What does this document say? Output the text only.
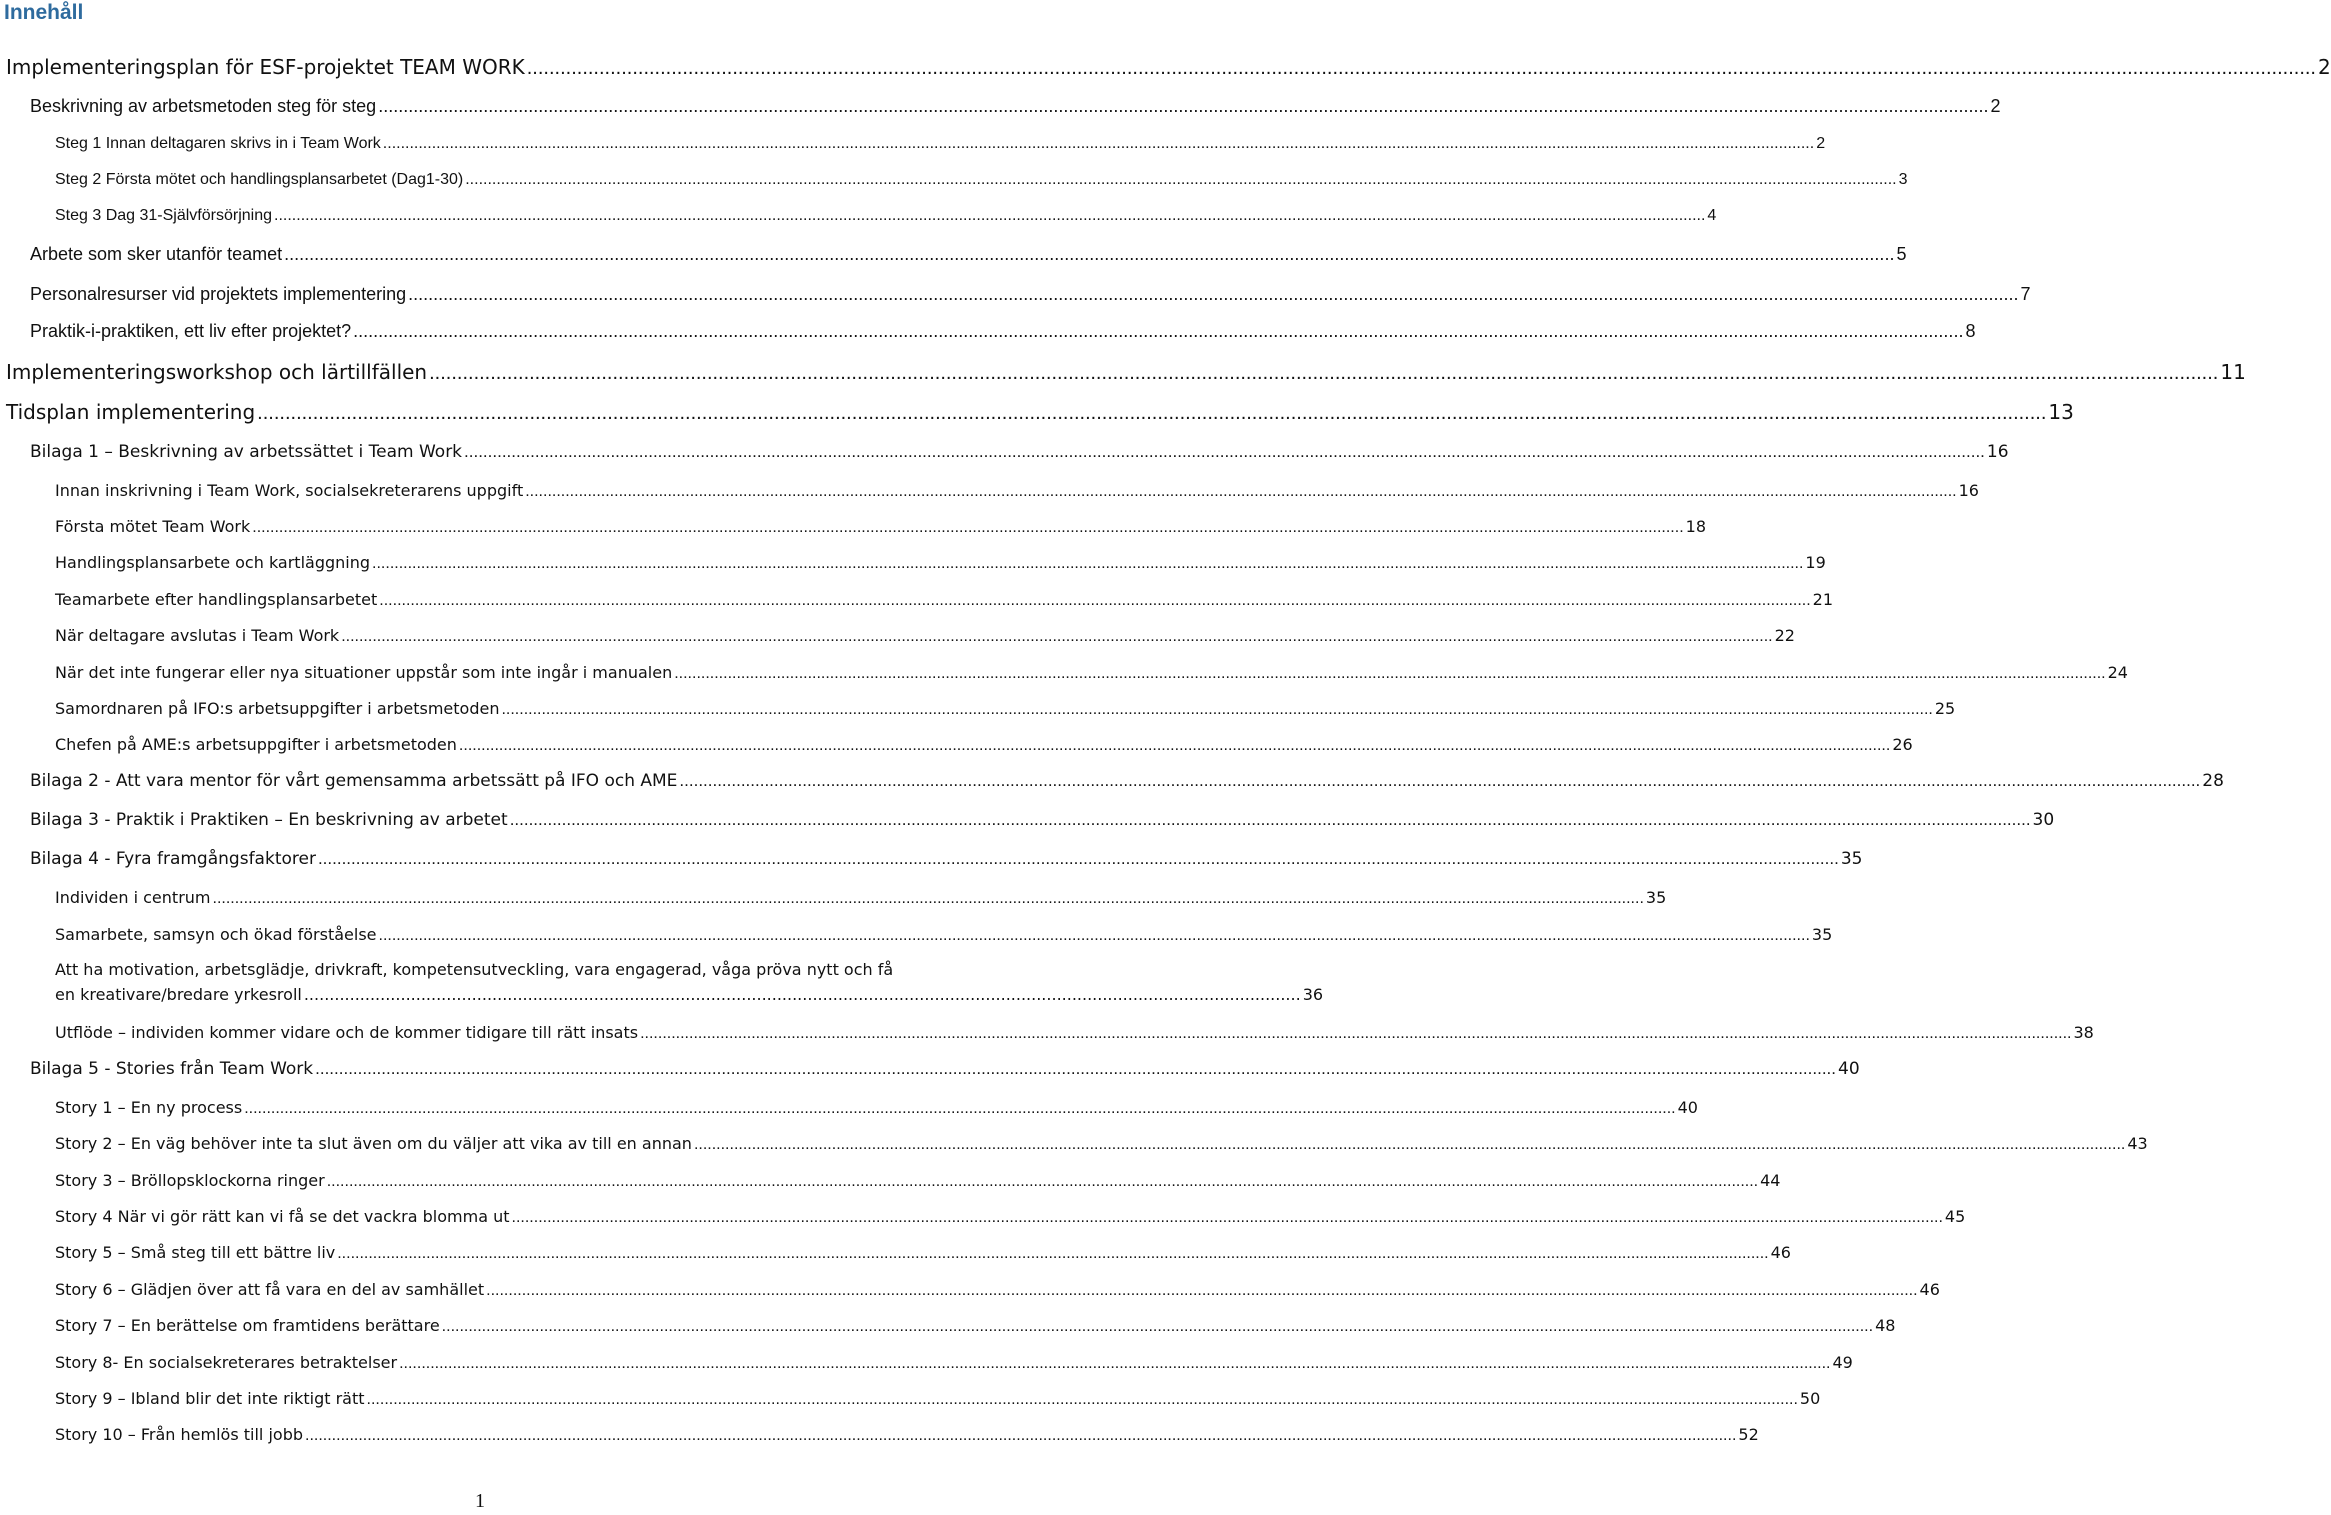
Innehåll
Implementeringsplan för ESF-projektet TEAM WORK .....	2
Beskrivning av arbetsmetoden steg för steg .....	2
Steg 1 Innan deltagaren skrivs in i Team Work .....	2
Steg 2 Första mötet och handlingsplansarbetet (Dag1-30) .....	3
Steg 3 Dag 31-Självförsörjning .....	4
Arbete som sker utanför teamet .....	5
Personalresurser vid projektets implementering .....	7
Praktik-i-praktiken, ett liv efter projektet? .....	8
Implementeringsworkshop och lärtillfällen .....	11
Tidsplan implementering .....	13
Bilaga 1 – Beskrivning av arbetssättet i Team Work .....	16
Innan inskrivning i Team Work, socialsekreterarens uppgift .....	16
Första mötet Team Work .....	18
Handlingsplansarbete och kartläggning .....	19
Teamarbete efter handlingsplansarbetet .....	21
När deltagare avslutas i Team Work .....	22
När det inte fungerar eller nya situationer uppstår som inte ingår i manualen .....	24
Samordnaren på IFO:s arbetsuppgifter i arbetsmetoden .....	25
Chefen på AME:s arbetsuppgifter i arbetsmetoden .....	26
Bilaga 2 - Att vara mentor för vårt gemensamma arbetssätt på IFO och AME .....	28
Bilaga 3 - Praktik i Praktiken – En beskrivning av arbetet .....	30
Bilaga 4 - Fyra framgångsfaktorer .....	35
Individen i centrum .....	35
Samarbete, samsyn och ökad förståelse .....	35
Att ha motivation, arbetsglädje, drivkraft, kompetensutveckling, vara engagerad, våga pröva nytt och få
en kreativare/bredare yrkesroll .................................................................................................................................................................................................... 36
Utflöde – individen kommer vidare och de kommer tidigare till rätt insats .....	38
Bilaga 5 - Stories från Team Work .....	40
Story 1 – En ny process .....	40
Story 2 – En väg behöver inte ta slut även om du väljer att vika av till en annan .....	43
Story 3 – Bröllopsklockorna ringer .....	44
Story 4 När vi gör rätt kan vi få se det vackra blomma ut .....	45
Story 5 – Små steg till ett bättre liv .....	46
Story 6 – Glädjen över att få vara en del av samhället .....	46
Story 7 – En berättelse om framtidens berättare .....	48
Story 8- En socialsekreterares betraktelser .....	49
Story 9 – Ibland blir det inte riktigt rätt .....	50
Story 10 – Från hemlös till jobb .....	52
1
